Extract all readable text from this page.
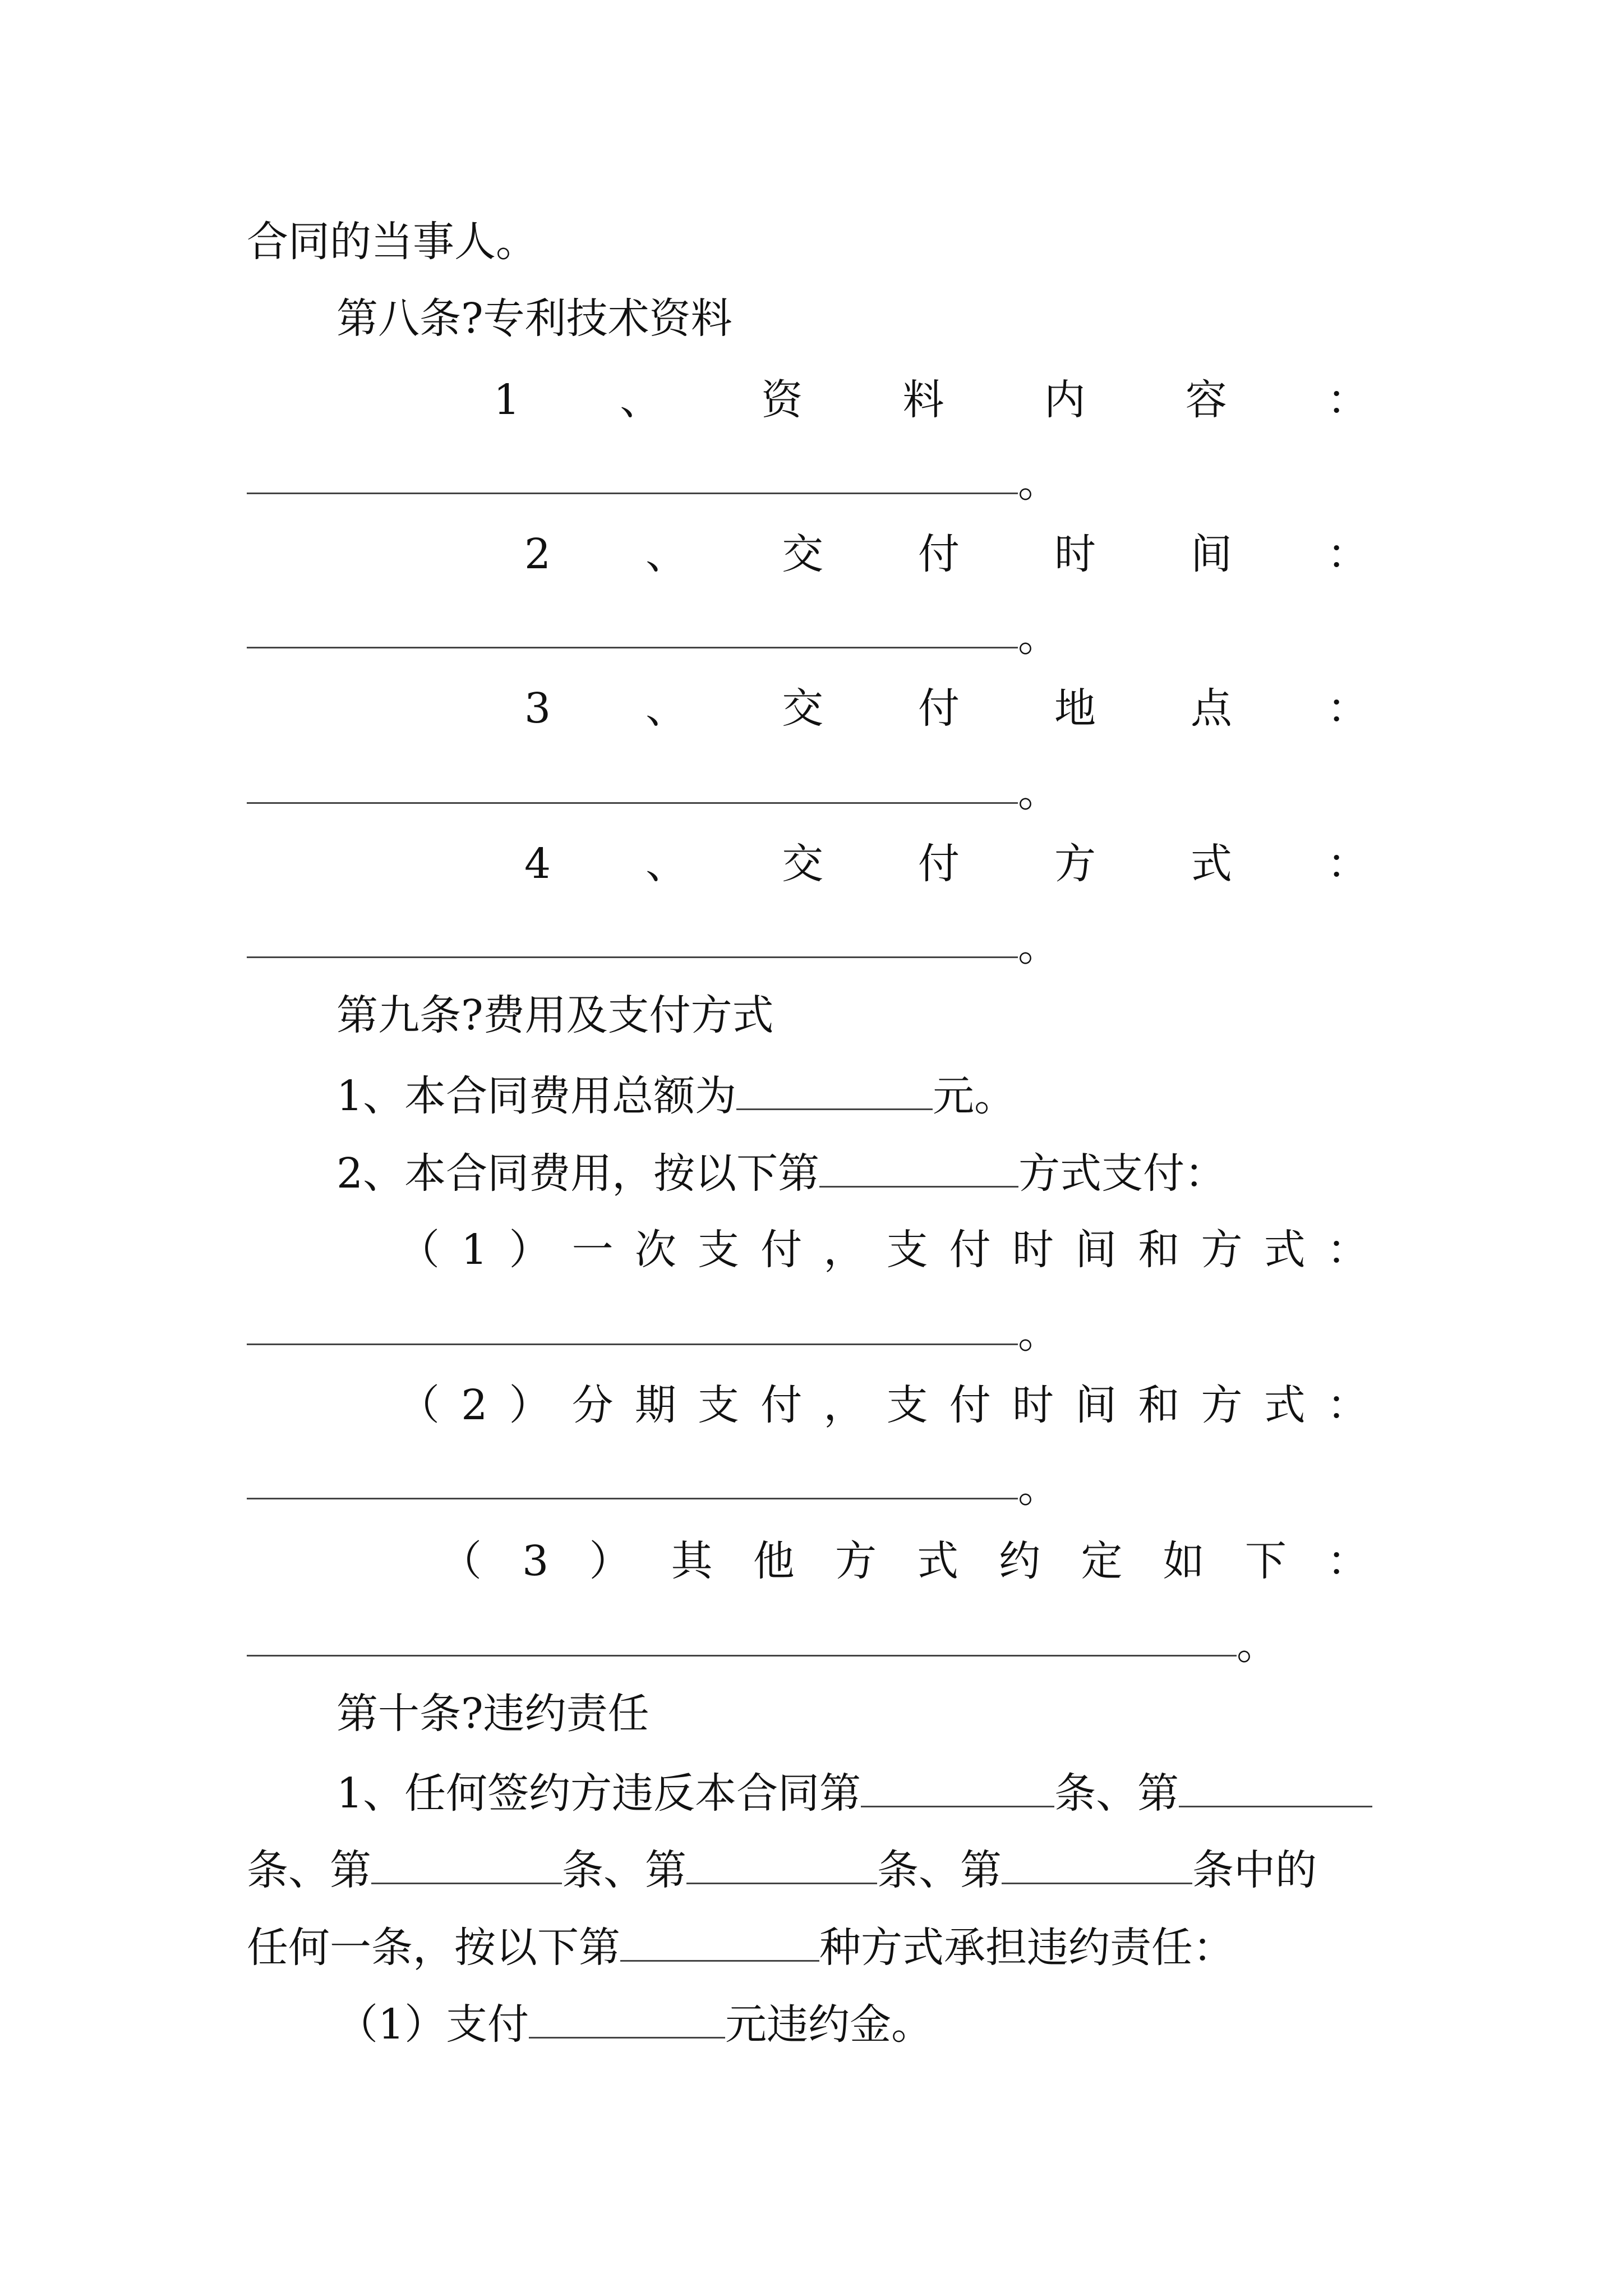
合同的当事人。
第八条?专利技术资料
1 、 资 料 内 容 ：
。
2 、 交 付 时 间 ：
。
3 、 交 付 地 点 ：
。
4 、 交 付 方 式 ：
。
第九条?费用及支付方式
1、本合同费用总额为	元。
2、本合同费用，按以下第	方式支付：
（ 1 ） 一 次 支 付 ， 支 付 时 间 和 方 式 ：
。
（ 2 ） 分 期 支 付 ， 支 付 时 间 和 方 式 ：
。
（ 3 ） 其 他 方 式 约 定 如 下 ：
。
第十条?违约责任
1、任何签约方违反本合同第	条、第
条、第	条、第	条、第	条中的
任何一条，按以下第	种方式承担违约责任：
（1）支付	元违约金。
